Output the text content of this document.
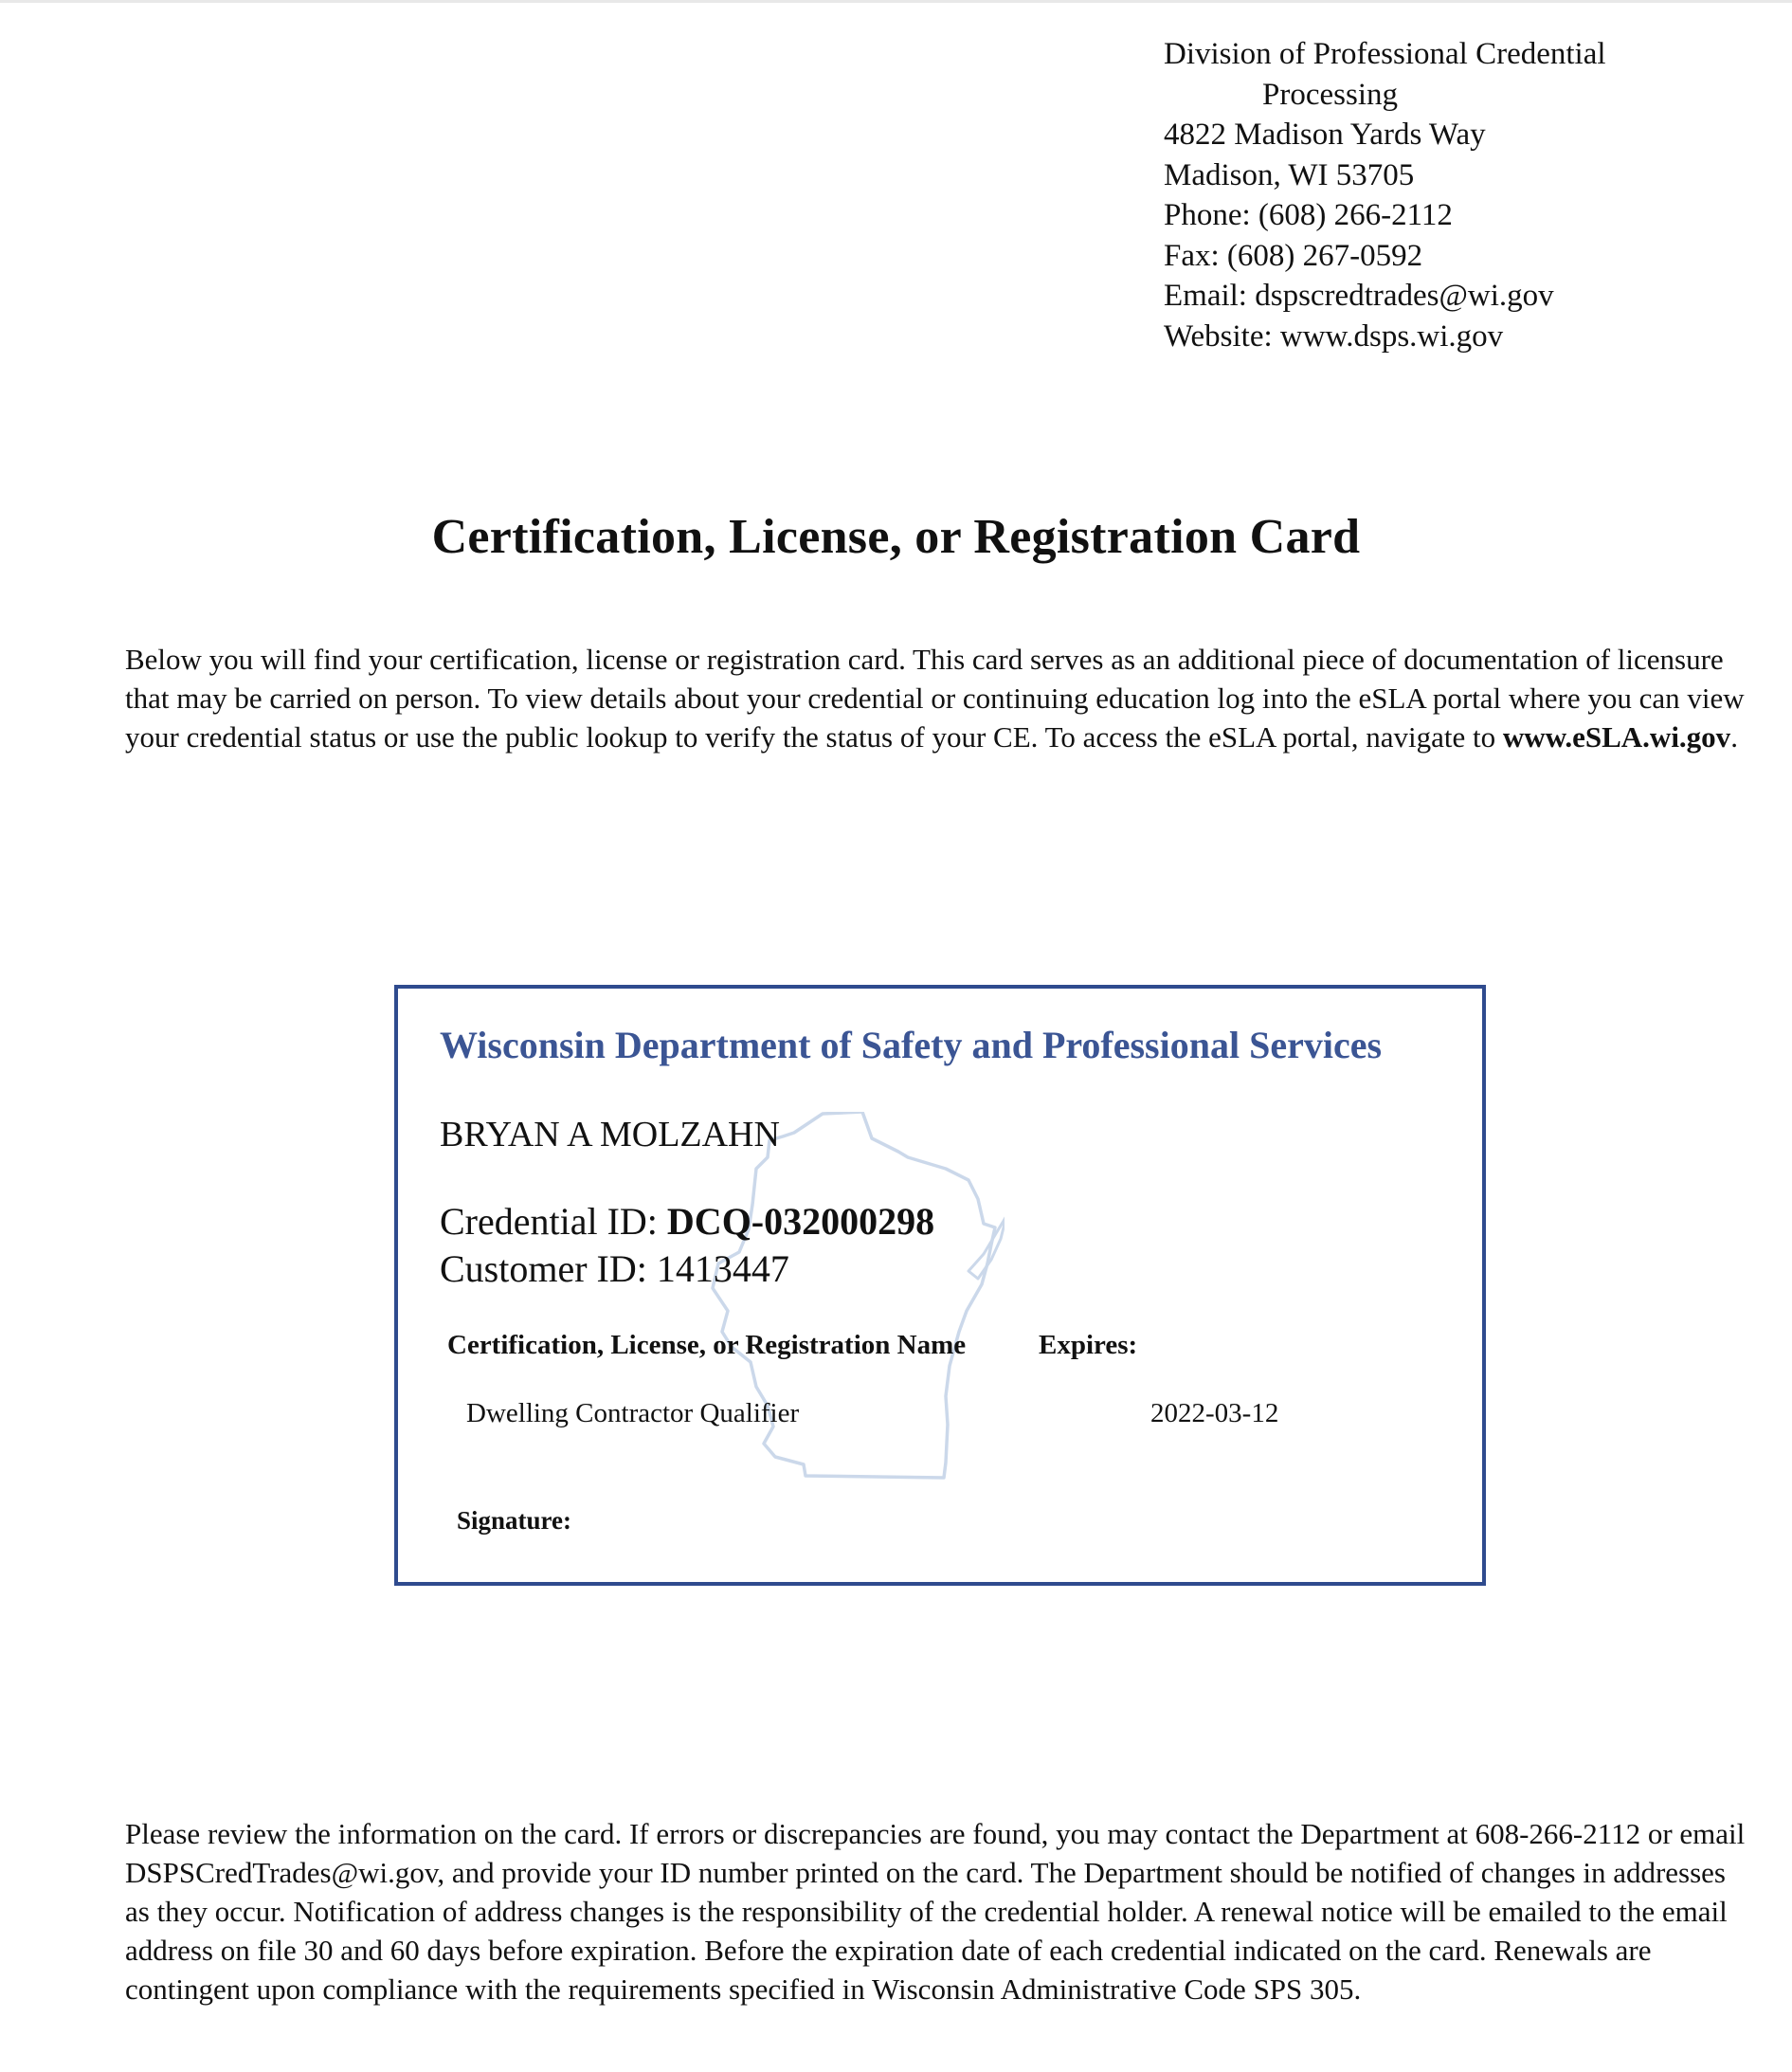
Division of Professional Credential
Processing
4822 Madison Yards Way
Madison, WI 53705
Phone: (608) 266-2112
Fax: (608) 267-0592
Email: dspscredtrades@wi.gov
Website: www.dsps.wi.gov
Certification, License, or Registration Card
Below you will find your certification, license or registration card. This card serves as an additional piece of documentation of licensure that may be carried on person. To view details about your credential or continuing education log into the eSLA portal where you can view your credential status or use the public lookup to verify the status of your CE. To access the eSLA portal, navigate to www.eSLA.wi.gov.
Wisconsin Department of Safety and Professional Services
BRYAN A MOLZAHN
Credential ID: DCQ-032000298
Customer ID: 1413447
Certification, License, or Registration Name	Expires:
Dwelling Contractor Qualifier	2022-03-12
Signature:
Please review the information on the card. If errors or discrepancies are found, you may contact the Department at 608-266-2112 or email DSPSCredTrades@wi.gov, and provide your ID number printed on the card. The Department should be notified of changes in addresses as they occur. Notification of address changes is the responsibility of the credential holder. A renewal notice will be emailed to the email address on file 30 and 60 days before expiration. Before the expiration date of each credential indicated on the card. Renewals are contingent upon compliance with the requirements specified in Wisconsin Administrative Code SPS 305.
